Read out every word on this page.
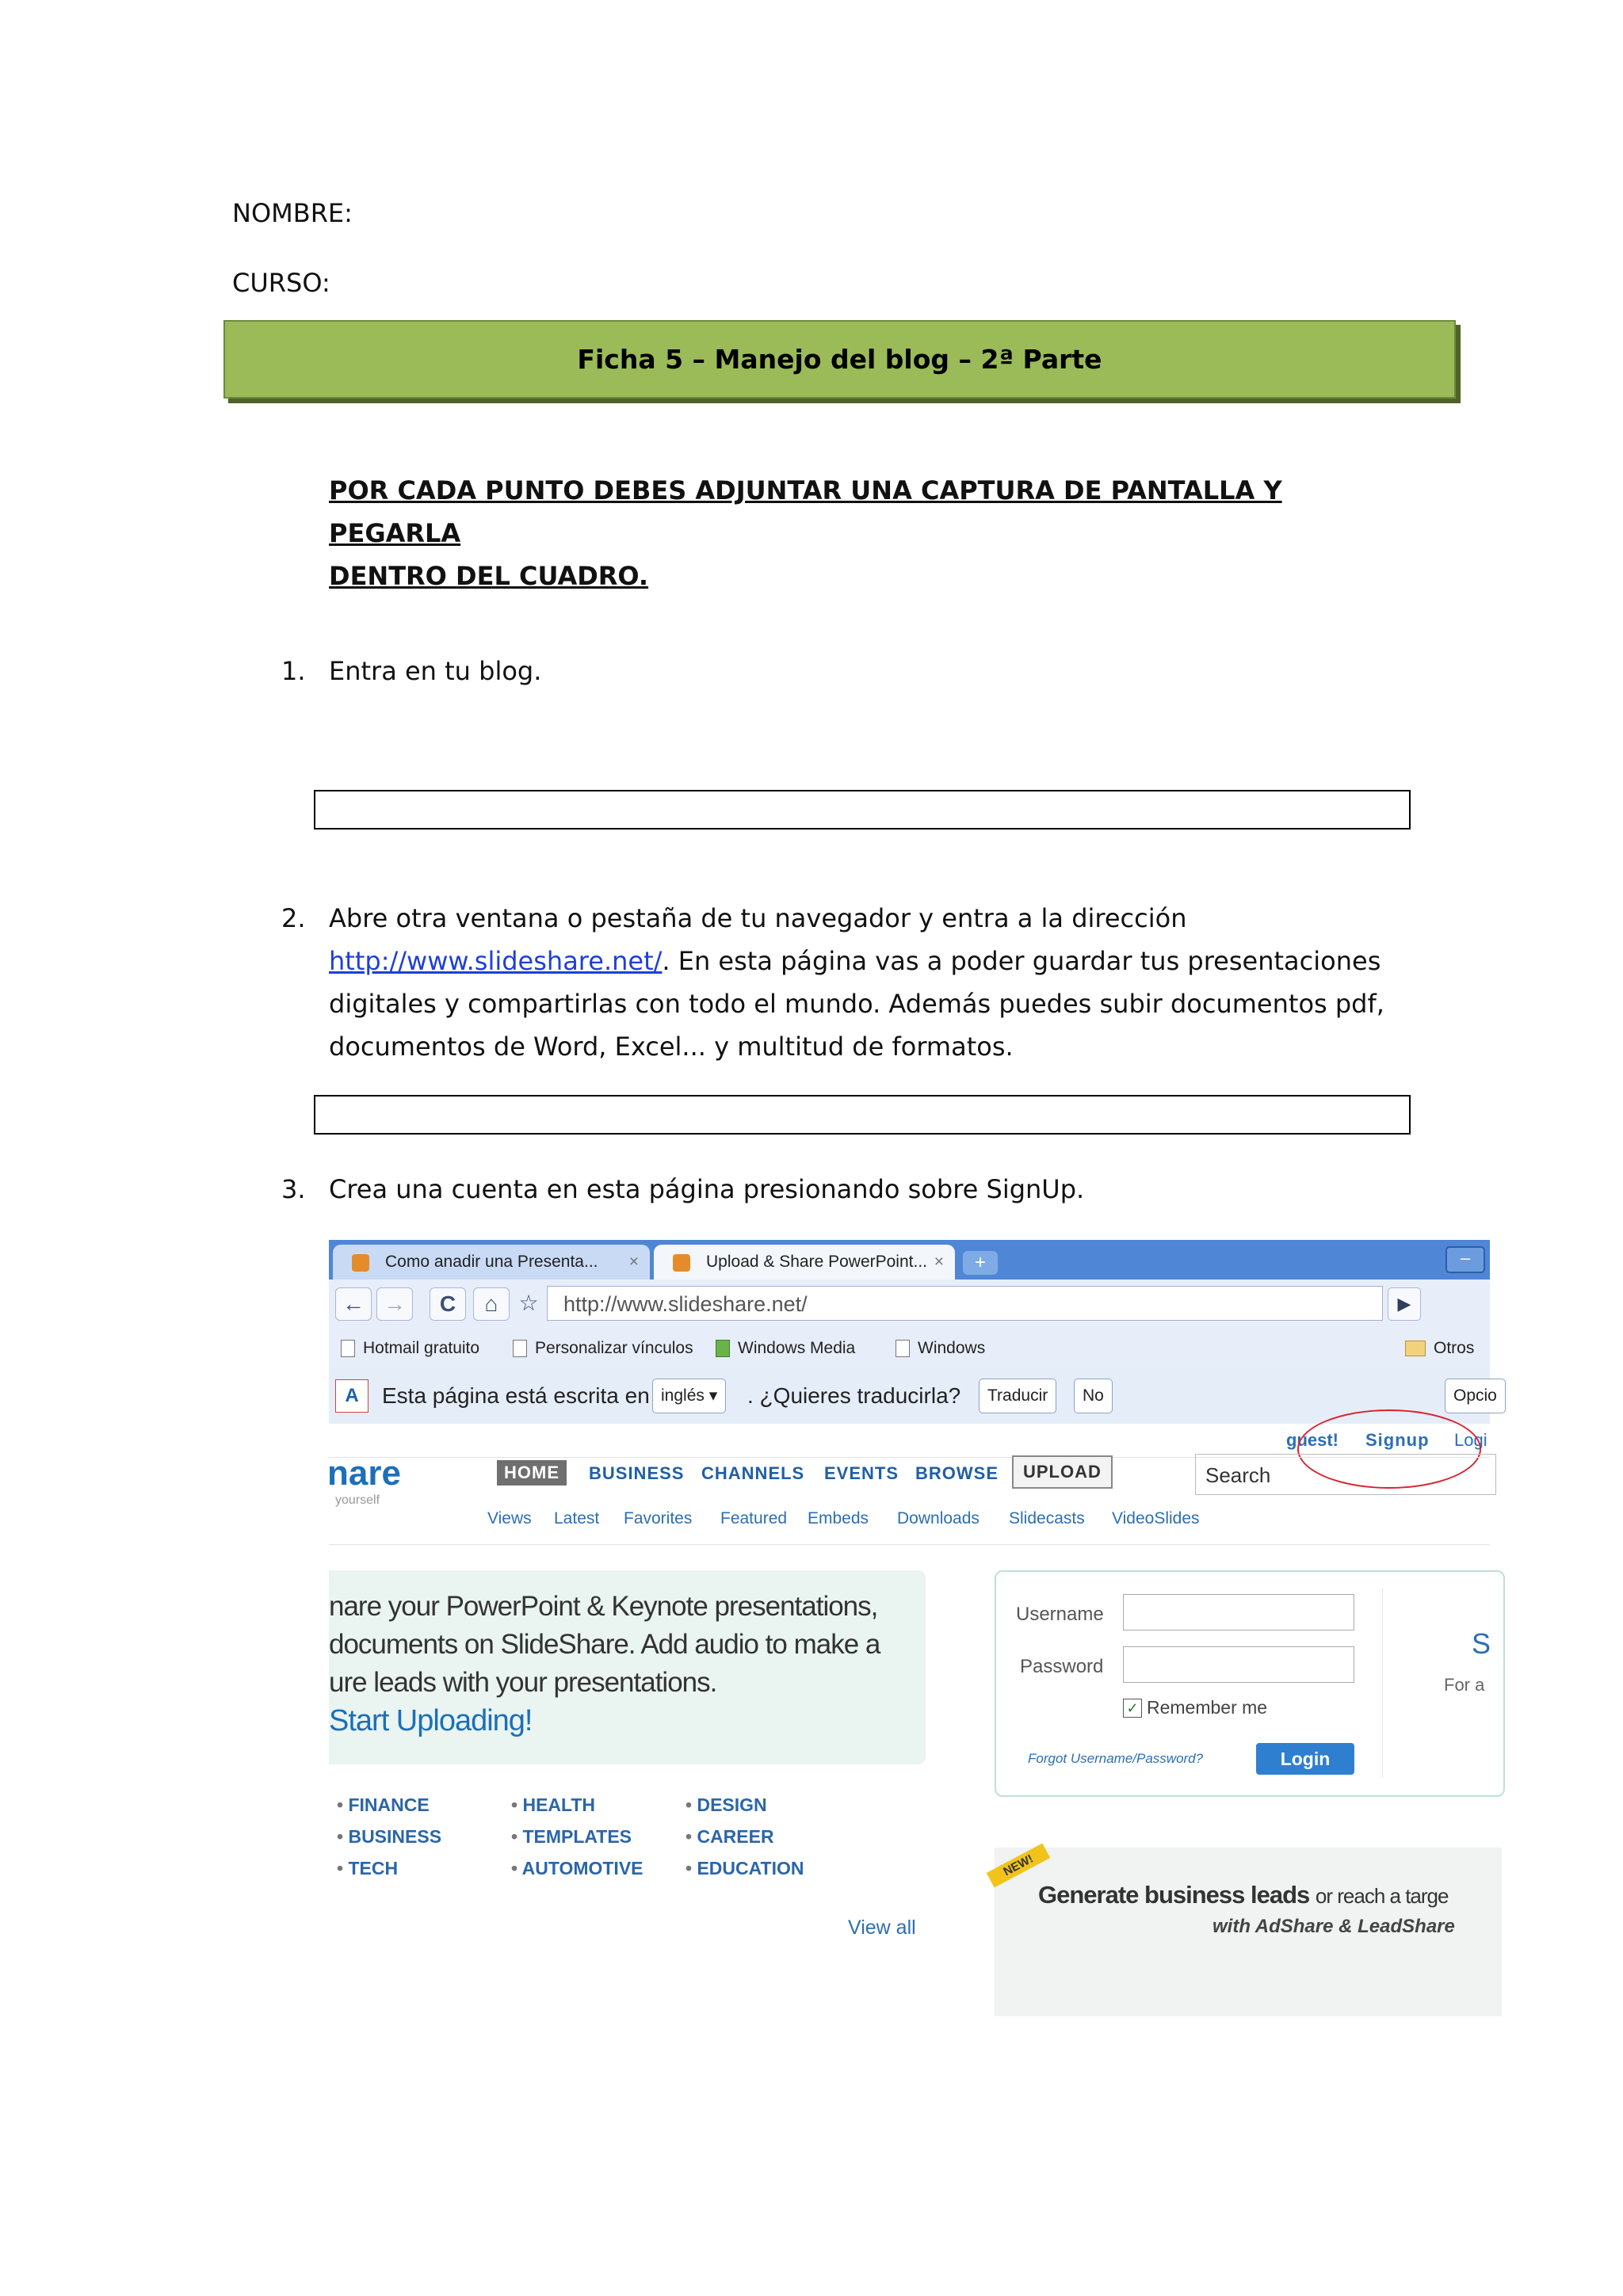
NOMBRE:
CURSO:
Ficha 5 – Manejo del blog – 2ª Parte
POR CADA PUNTO DEBES ADJUNTAR UNA CAPTURA DE PANTALLA Y PEGARLA
DENTRO DEL CUADRO.
1. Entra en tu blog.
2. Abre otra ventana o pestaña de tu navegador y entra a la dirección
http://www.slideshare.net/. En esta página vas a poder guardar tus presentaciones
digitales y compartirlas con todo el mundo. Además puedes subir documentos pdf,
documentos de Word, Excel... y multitud de formatos.
3. Crea una cuenta en esta página presionando sobre SignUp.
Como anadir una Presenta... ×	Upload & Share PowerPoint... ×	+	–
← →	C	⌂ ☆	http://www.slideshare.net/	▶
Hotmail gratuito	Personalizar vínculos	Windows Media	Windows	Otros
A	Esta página está escrita en inglés ▾	. ¿Quieres traducirla?	Traducir	No	Opcio
guest! Signup Logi
nare
yourself
HOME	BUSINESS CHANNELS EVENTS BROWSE	UPLOAD	Search
Views Latest Favorites Featured Embeds Downloads Slidecasts VideoSlides

nare your PowerPoint & Keynote presentations,
documents on SlideShare. Add audio to make a
ure leads with your presentations.
Start Uploading!

• FINANCE
• BUSINESS
• TECH
• HEALTH
• TEMPLATES
• AUTOMOTIVE
• DESIGN
• CAREER
• EDUCATION
View all
Username
Password
✓ Remember me
Forgot Username/Password?	Login
S
For a
NEW!
Generate business leads or reach a targe
with AdShare & LeadShare
